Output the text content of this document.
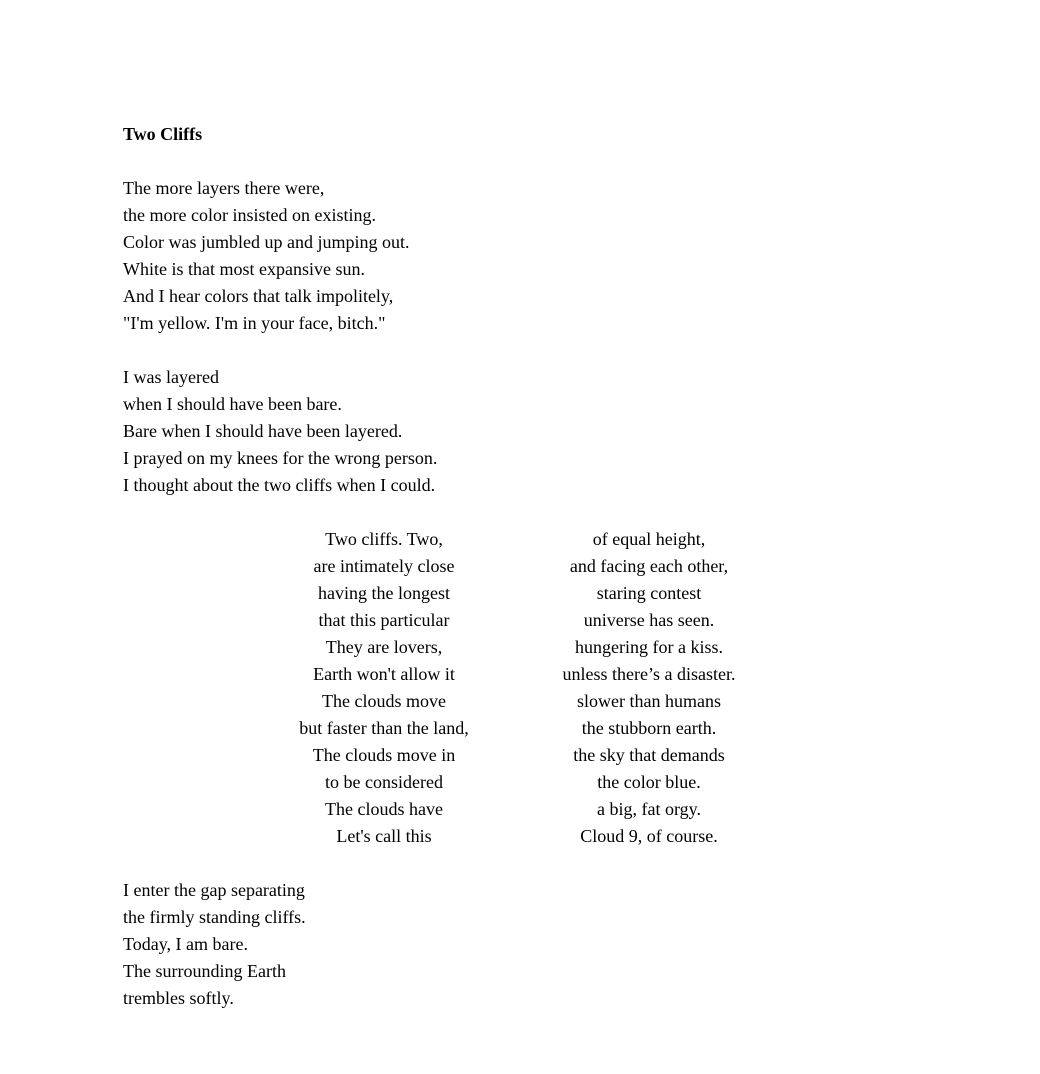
Two Cliffs
The more layers there were,
the more color insisted on existing.
Color was jumbled up and jumping out.
White is that most expansive sun.
And I hear colors that talk impolitely,
"I'm yellow. I'm in your face, bitch."
I was layered
when I should have been bare.
Bare when I should have been layered.
I prayed on my knees for the wrong person.
I thought about the two cliffs when I could.
Two cliffs. Two,	of equal height,
are intimately close	and facing each other,
having the longest	staring contest
that this particular	universe has seen.
They are lovers,	hungering for a kiss.
Earth won't allow it	unless there’s a disaster.
The clouds move	slower than humans
but faster than the land,	the stubborn earth.
The clouds move in	the sky that demands
to be considered	the color blue.
The clouds have	a big, fat orgy.
Let's call this	Cloud 9, of course.
I enter the gap separating
the firmly standing cliffs.
Today, I am bare.
The surrounding Earth
trembles softly.
